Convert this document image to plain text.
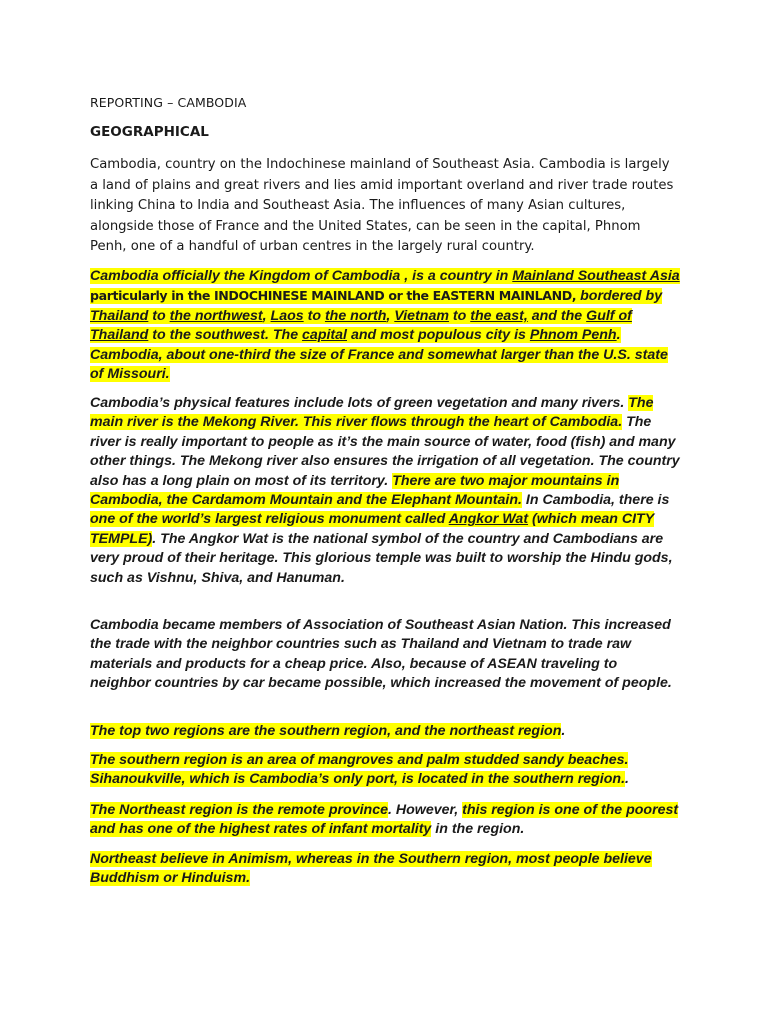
REPORTING – CAMBODIA
GEOGRAPHICAL

Cambodia, country on the Indochinese mainland of Southeast Asia. Cambodia is largely a land of plains and great rivers and lies amid important overland and river trade routes linking China to India and Southeast Asia. The influences of many Asian cultures, alongside those of France and the United States, can be seen in the capital, Phnom Penh, one of a handful of urban centres in the largely rural country.

Cambodia officially the Kingdom of Cambodia , is a country in Mainland Southeast Asia particularly in the INDOCHINESE MAINLAND or the EASTERN MAINLAND, bordered by Thailand to the northwest, Laos to the north, Vietnam to the east, and the Gulf of Thailand to the southwest. The capital and most populous city is Phnom Penh. Cambodia, about one-third the size of France and somewhat larger than the U.S. state of Missouri.

Cambodia’s physical features include lots of green vegetation and many rivers. The main river is the Mekong River. This river flows through the heart of Cambodia. The river is really important to people as it’s the main source of water, food (fish) and many other things. The Mekong river also ensures the irrigation of all vegetation. The country also has a long plain on most of its territory. There are two major mountains in Cambodia, the Cardamom Mountain and the Elephant Mountain. In Cambodia, there is one of the world’s largest religious monument called Angkor Wat (which mean CITY TEMPLE). The Angkor Wat is the national symbol of the country and Cambodians are very proud of their heritage. This glorious temple was built to worship the Hindu gods, such as Vishnu, Shiva, and Hanuman.

Cambodia became members of Association of Southeast Asian Nation. This increased the trade with the neighbor countries such as Thailand and Vietnam to trade raw materials and products for a cheap price. Also, because of ASEAN traveling to neighbor countries by car became possible, which increased the movement of people.

The top two regions are the southern region, and the northeast region.

The southern region is an area of mangroves and palm studded sandy beaches. Sihanoukville, which is Cambodia’s only port, is located in the southern region..

The Northeast region is the remote province. However, this region is one of the poorest and has one of the highest rates of infant mortality in the region.

Northeast believe in Animism, whereas in the Southern region, most people believe Buddhism or Hinduism.
